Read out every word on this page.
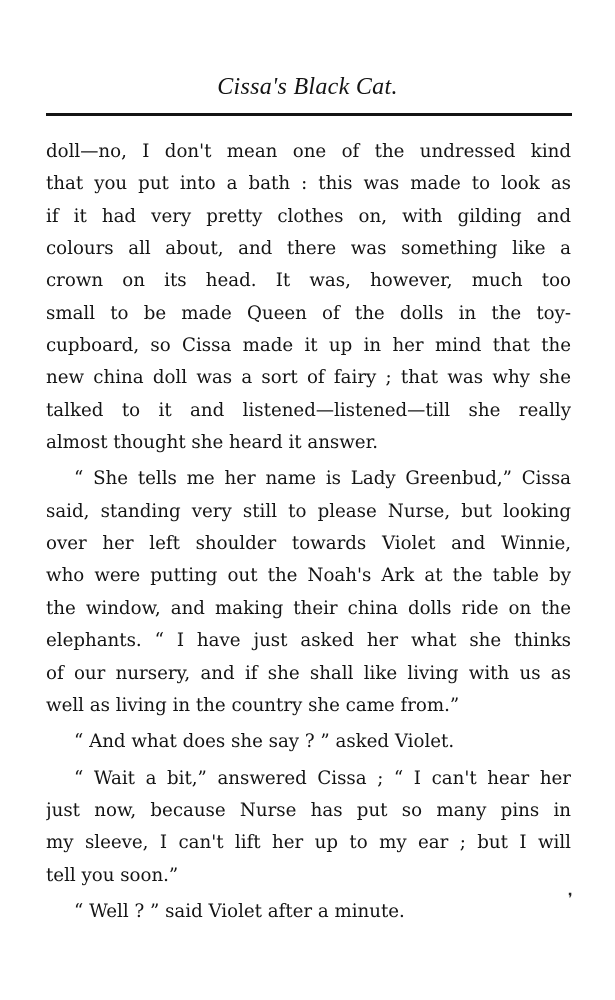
Cissa's Black Cat.
doll—no, I don't mean one of the undressed kind
that you put into a bath : this was made to look as
if it had very pretty clothes on, with gilding and
colours all about, and there was something like a
crown on its head. It was, however, much too
small to be made Queen of the dolls in the toy-
cupboard, so Cissa made it up in her mind that the
new china doll was a sort of fairy ; that was why she
talked to it and listened—listened—till she really
almost thought she heard it answer.
“ She tells me her name is Lady Greenbud,” Cissa
said, standing very still to please Nurse, but looking
over her left shoulder towards Violet and Winnie,
who were putting out the Noah's Ark at the table by
the window, and making their china dolls ride on the
elephants. “ I have just asked her what she thinks
of our nursery, and if she shall like living with us as
well as living in the country she came from.”
“ And what does she say ? ” asked Violet.
“ Wait a bit,” answered Cissa ; “ I can't hear her
just now, because Nurse has put so many pins in
my sleeve, I can't lift her up to my ear ; but I will
tell you soon.”
“ Well ? ” said Violet after a minute.
❜
